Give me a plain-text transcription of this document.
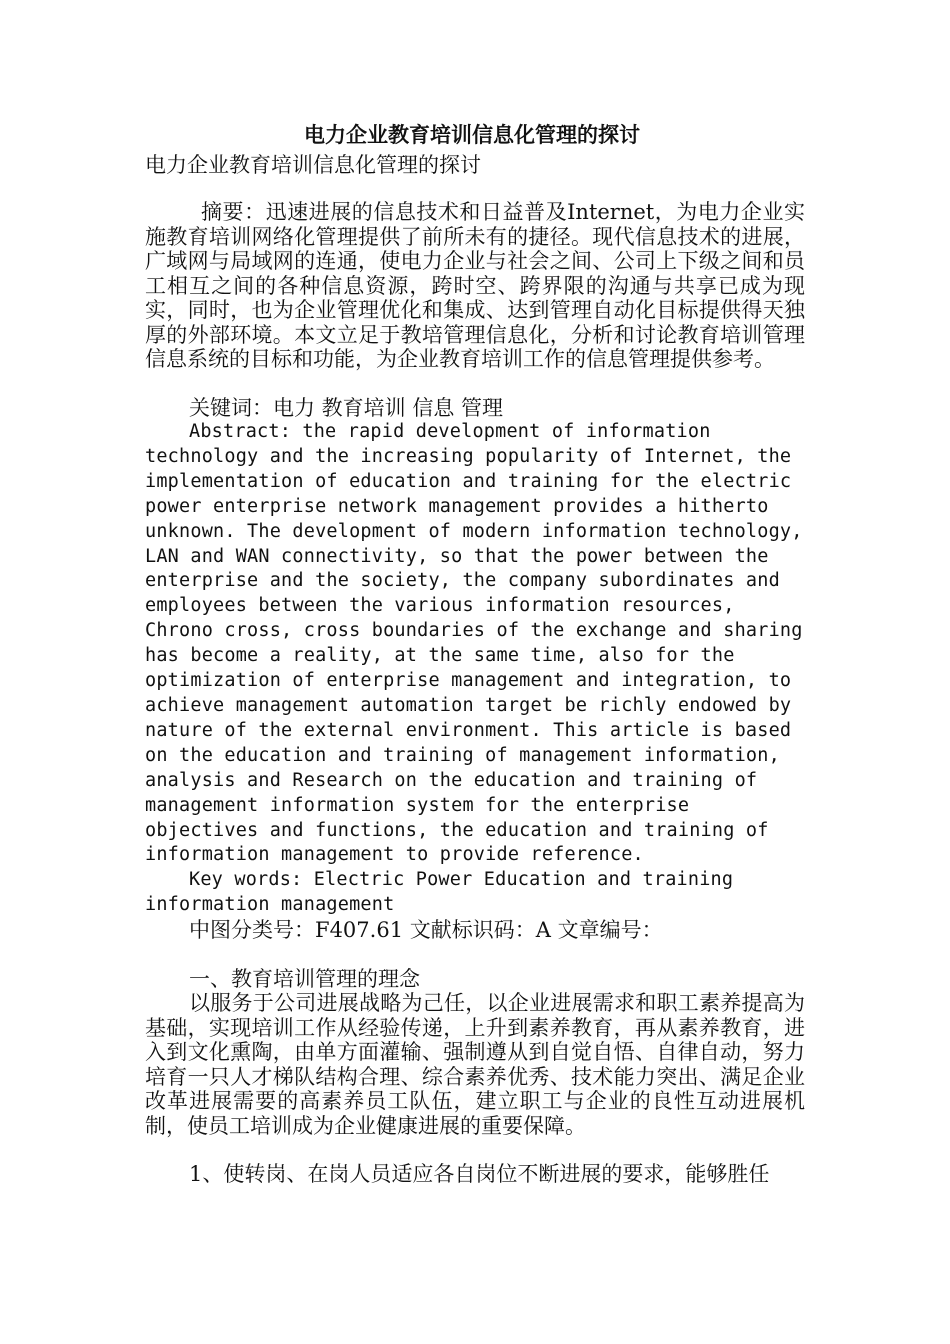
电力企业教育培训信息化管理的探讨

电力企业教育培训信息化管理的探讨

摘要：迅速进展的信息技术和日益普及Internet，为电力企业实施教育培训网络化管理提供了前所未有的捷径。现代信息技术的进展，广域网与局域网的连通，使电力企业与社会之间、公司上下级之间和员工相互之间的各种信息资源，跨时空、跨界限的沟通与共享已成为现实，同时，也为企业管理优化和集成、达到管理自动化目标提供得天独厚的外部环境。本文立足于教培管理信息化，分析和讨论教育培训管理信息系统的目标和功能，为企业教育培训工作的信息管理提供参考。

关键词：电力 教育培训 信息 管理

Abstract: the rapid development of information technology and the increasing popularity of Internet, the implementation of education and training for the electric power enterprise network management provides a hitherto unknown. The development of modern information technology, LAN and WAN connectivity, so that the power between the enterprise and the society, the company subordinates and employees between the various information resources, Chrono cross, cross boundaries of the exchange and sharing has become a reality, at the same time, also for the optimization of enterprise management and integration, to achieve management automation target be richly endowed by nature of the external environment. This article is based on the education and training of management information, analysis and Research on the education and training of management information system for the enterprise objectives and functions, the education and training of information management to provide reference.

Key words: Electric Power Education and training information management

中图分类号：F407.61 文献标识码：A 文章编号：

一、教育培训管理的理念

以服务于公司进展战略为己任，以企业进展需求和职工素养提高为基础，实现培训工作从经验传递，上升到素养教育，再从素养教育，进入到文化熏陶，由单方面灌输、强制遵从到自觉自悟、自律自动，努力培育一只人才梯队结构合理、综合素养优秀、技术能力突出、满足企业改革进展需要的高素养员工队伍，建立职工与企业的良性互动进展机制，使员工培训成为企业健康进展的重要保障。

1、使转岗、在岗人员适应各自岗位不断进展的要求，能够胜任
